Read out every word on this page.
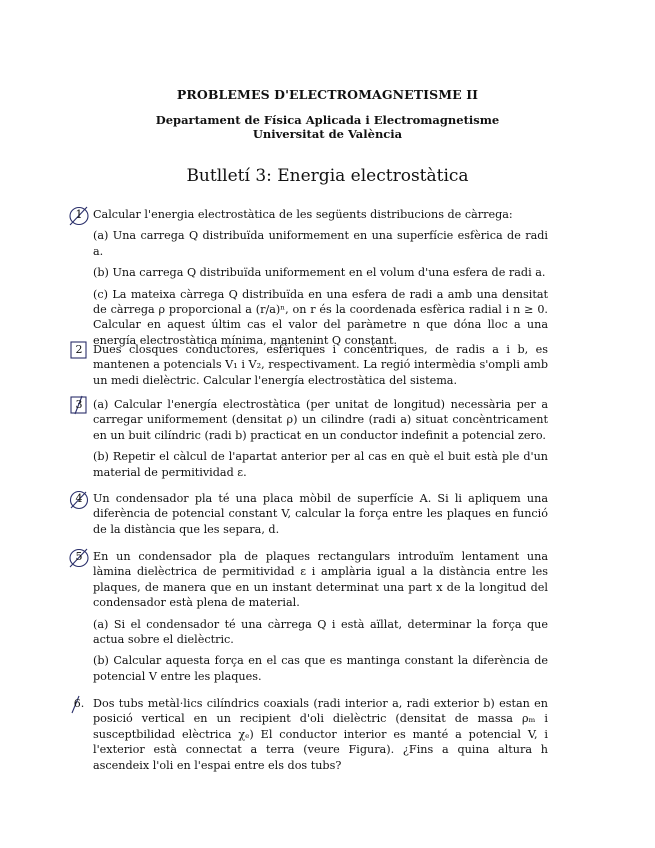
PROBLEMES D'ELECTROMAGNETISME II
Departament de Física Aplicada i Electromagnetisme
Universitat de València
Butlletí 3: Energia electrostàtica
1 Calcular l'energia electrostàtica de les següents distribucions de càrrega:

(a) Una carrega Q distribuïda uniformement en una superfície esfèrica de radi a.

(b) Una carrega Q distribuïda uniformement en el volum d'una esfera de radi a.

(c) La mateixa càrrega Q distribuïda en una esfera de radi a amb una densitat de càrrega ρ proporcional a (r/a)ⁿ, on r és la coordenada esfèrica radial i n ≥ 0. Calcular en aquest últim cas el valor del paràmetre n que dóna lloc a una energía electrostàtica mínima, mantenint Q constant.

2 Dues closques conductores, esfèriques i concèntriques, de radis a i b, es mantenen a potencials V₁ i V₂, respectivament. La regió intermèdia s'ompli amb un medi dielèctric. Calcular l'energía electrostàtica del sistema.

3 (a) Calcular l'energía electrostàtica (per unitat de longitud) necessària per a carregar uniformement (densitat ρ) un cilindre (radi a) situat concèntricament en un buit cilíndric (radi b) practicat en un conductor indefinit a potencial zero.

(b) Repetir el càlcul de l'apartat anterior per al cas en què el buit està ple d'un material de permitividad ε.

4 Un condensador pla té una placa mòbil de superfície A. Si li apliquem una diferència de potencial constant V, calcular la força entre les plaques en funció de la distància que les separa, d.

5 En un condensador pla de plaques rectangulars introduïm lentament una làmina dielèctrica de permitividad ε i amplària igual a la distància entre les plaques, de manera que en un instant determinat una part x de la longitud del condensador està plena de material.

(a) Si el condensador té una càrrega Q i està aïllat, determinar la força que actua sobre el dielèctric.

(b) Calcular aquesta força en el cas que es mantinga constant la diferència de potencial V entre les plaques.

6. Dos tubs metàl·lics cilíndrics coaxials (radi interior a, radi exterior b) estan en posició vertical en un recipient d'oli dielèctric (densitat de massa ρₘ i susceptbilidad elèctrica χₑ) El conductor interior es manté a potencial V, i l'exterior està connectat a terra (veure Figura). ¿Fins a quina altura h ascendeix l'oli en l'espai entre els dos tubs?
